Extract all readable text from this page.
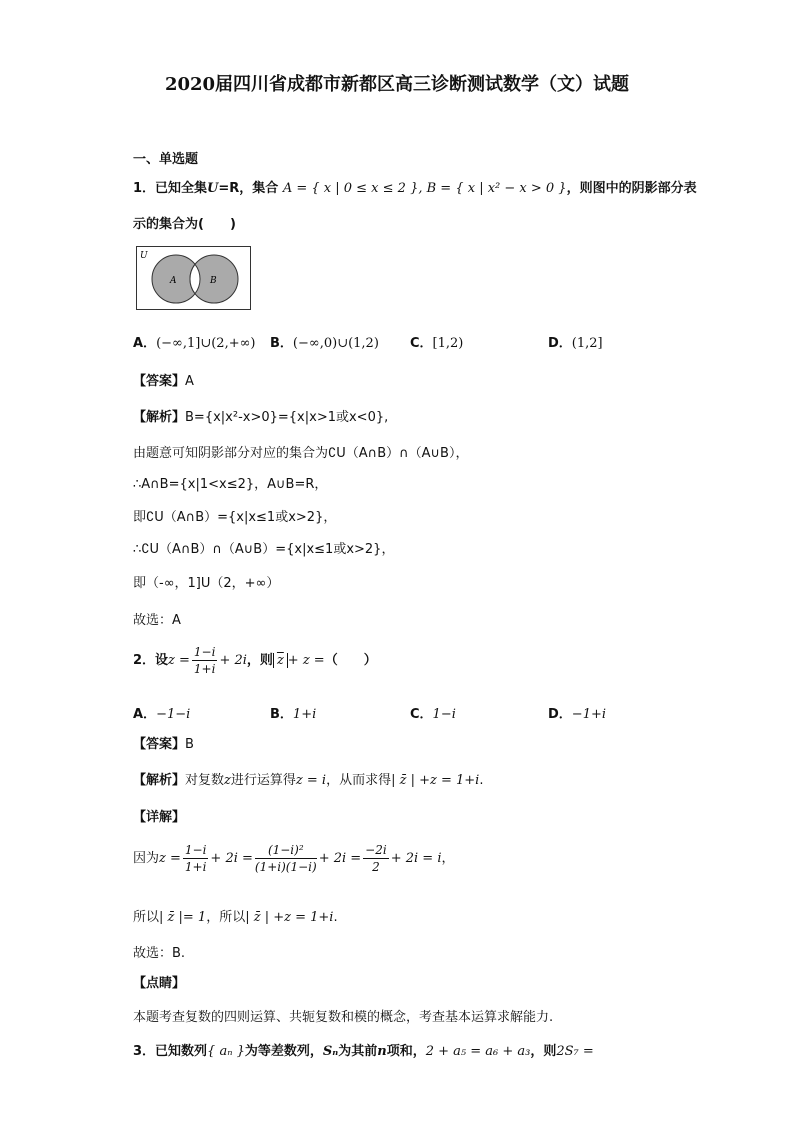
2020届四川省成都市新都区高三诊断测试数学（文）试题
一、单选题
1．已知全集U=R，集合 A = { x | 0 ≤ x ≤ 2 }, B = { x | x² − x > 0 }，则图中的阴影部分表
示的集合为(　　)
U
A	B
A．(−∞,1]∪(2,+∞) B．(−∞,0)∪(1,2) C．[1,2)	D．(1,2]
【答案】A
【解析】B={x|x²-x>0}={x|x>1或x<0},
由题意可知阴影部分对应的集合为∁U（A∩B）∩（A∪B），
∴A∩B={x|1<x≤2}，A∪B=R，
即∁U（A∩B）={x|x≤1或x>2}，
∴∁U（A∩B）∩（A∪B）={x|x≤1或x>2}，
即（-∞，1]U（2，+∞）
故选：A
2．设$z = \frac{1-i}{1+i} + 2i$，则 $\overline{z} + z$ =（　　）
A．−1−i	B．1+i	C．1−i	D．−1+i
【答案】B
【解析】对复数z进行运算得z = i，从而求得| z̄ | +z = 1+i.
【详解】
因为$z = \frac{1-i}{1+i} + 2i = \frac{\text{(1−i)²}}{(1+i)(1-i)} + 2i = \frac{-2i}{2} + 2i = i$，
所以| z̄ |= 1，所以| z̄ | +z = 1+i.
故选：B.
【点睛】
本题考查复数的四则运算、共轭复数和模的概念，考查基本运算求解能力.
3．已知数列{ aₙ }为等差数列，Sₙ为其前n项和，2 + a₅ = a₆ + a₃，则2S₇ =
